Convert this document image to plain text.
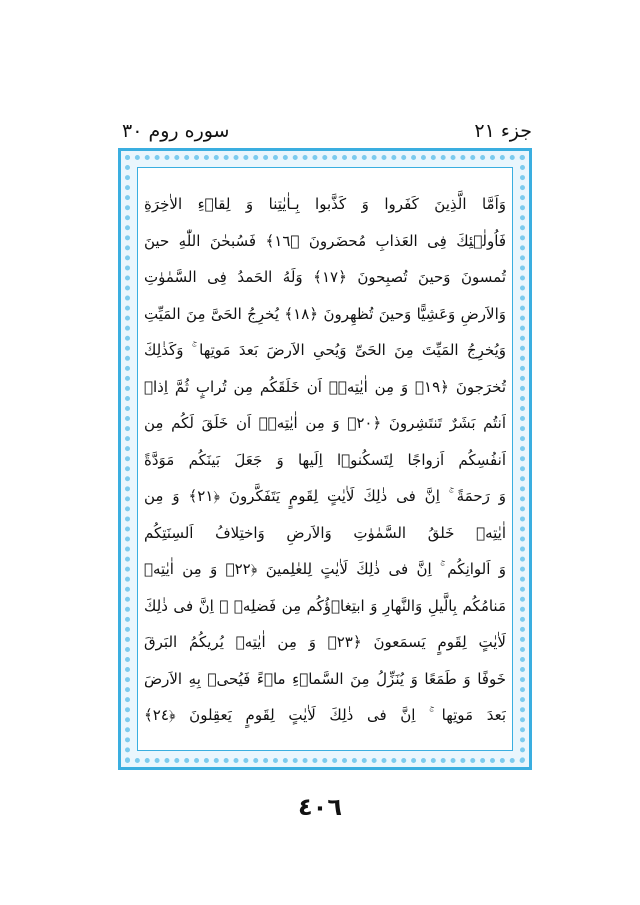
جزء ٢١
سوره روم ٣٠
وَاَمَّا الَّذِينَ كَفَروا وَ كَذَّبوا بِـاٰيٰتِنا وَ لِقاۤءِ الاٰخِرَةِ
فَاُولٰۤئِكَ فِى العَذابِ مُحضَرونَ ﴿١٦﴾ فَسُبحٰنَ اللّٰهِ حينَ
تُمسونَ وَحينَ تُصبِحونَ ﴿١٧﴾ وَلَهُ الحَمدُ فِى السَّمٰوٰتِ
وَالاَرضِ وَعَشِيًّا وَحينَ تُظهِرونَ ﴿١٨﴾ يُخرِجُ الحَىَّ مِنَ المَيِّتِ
وَيُخرِجُ المَيِّتَ مِنَ الحَىِّ وَيُحىِ الاَرضَ بَعدَ مَوتِها ۚ وَكَذٰلِكَ
تُخرَجونَ ﴿١٩﴾ وَ مِن اٰيٰتِهٖۤ اَن خَلَقَكُم مِن تُرابٍ ثُمَّ اِذاۤ
اَنتُم بَشَرٌ تَنتَشِرونَ ﴿٢٠﴾ وَ مِن اٰيٰتِهٖۤ اَن خَلَقَ لَكُم مِن
اَنفُسِكُم اَزواجًا لِتَسكُنوۤا اِلَيها وَ جَعَلَ بَينَكُم مَوَدَّةً
وَ رَحمَةً ۚ اِنَّ فى ذٰلِكَ لَاٰيٰتٍ لِقَومٍ يَتَفَكَّرونَ ﴿٢١﴾ وَ مِن
اٰيٰتِهٖ خَلقُ السَّمٰوٰتِ وَالاَرضِ وَاختِلافُ اَلسِنَتِكُم
وَ اَلوانِكُم ۚ اِنَّ فى ذٰلِكَ لَاٰيٰتٍ لِلعٰلِمينَ ﴿٢٢﴾ وَ مِن اٰيٰتِهٖ
مَنامُكُم بِالَّيلِ وَالنَّهارِ وَ ابتِغاۤؤُكُم مِن فَضلِهٖ ۚ اِنَّ فى ذٰلِكَ
لَاٰيٰتٍ لِقَومٍ يَسمَعونَ ﴿٢٣﴾ وَ مِن اٰيٰتِهٖ يُريكُمُ البَرقَ
خَوفًا وَ طَمَعًا وَ يُنَزِّلُ مِنَ السَّماۤءِ ماۤءً فَيُحىٖ بِهِ الاَرضَ
بَعدَ مَوتِها ۚ اِنَّ فى ذٰلِكَ لَاٰيٰتٍ لِقَومٍ يَعقِلونَ ﴿٢٤﴾
٤٠٦
